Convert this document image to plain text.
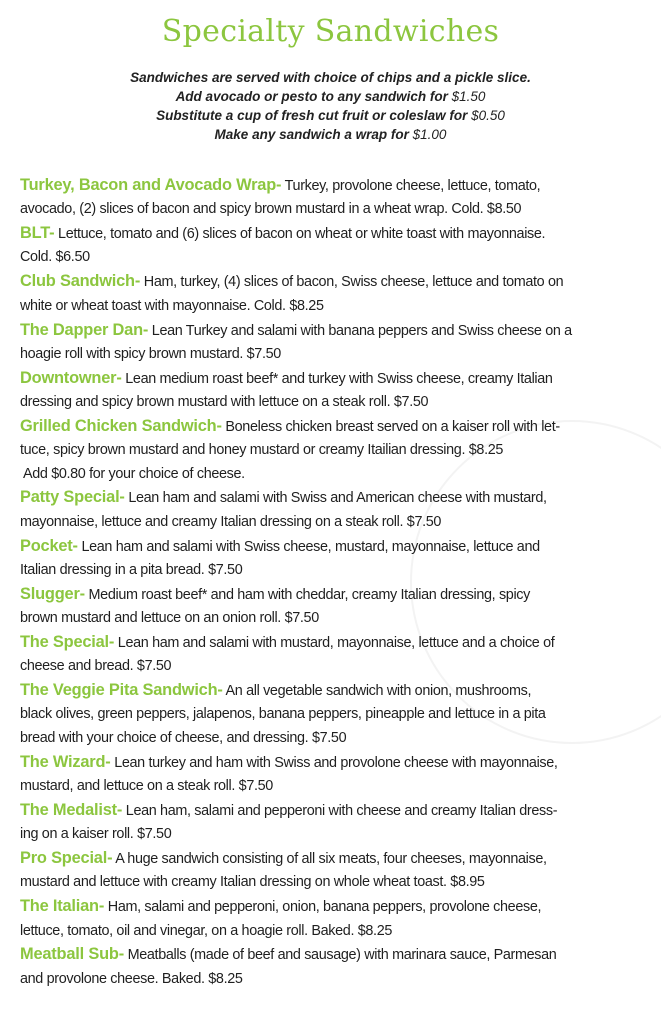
Specialty Sandwiches
Sandwiches are served with choice of chips and a pickle slice.
Add avocado or pesto to any sandwich for $1.50
Substitute a cup of fresh cut fruit or coleslaw for $0.50
Make any sandwich a wrap for $1.00
Turkey, Bacon and Avocado Wrap- Turkey, provolone cheese, lettuce, tomato,
avocado, (2) slices of bacon and spicy brown mustard in a wheat wrap. Cold. $8.50
BLT- Lettuce, tomato and (6) slices of bacon on wheat or white toast with mayonnaise.
Cold. $6.50
Club Sandwich- Ham, turkey, (4) slices of bacon, Swiss cheese, lettuce and tomato on
white or wheat toast with mayonnaise. Cold. $8.25
The Dapper Dan- Lean Turkey and salami with banana peppers and Swiss cheese on a
hoagie roll with spicy brown mustard. $7.50
Downtowner- Lean medium roast beef* and turkey with Swiss cheese, creamy Italian
dressing and spicy brown mustard with lettuce on a steak roll. $7.50
Grilled Chicken Sandwich- Boneless chicken breast served on a kaiser roll with let-
tuce, spicy brown mustard and honey mustard or creamy Itailian dressing. $8.25
Add $0.80 for your choice of cheese.
Patty Special- Lean ham and salami with Swiss and American cheese with mustard,
mayonnaise, lettuce and creamy Italian dressing on a steak roll. $7.50
Pocket- Lean ham and salami with Swiss cheese, mustard, mayonnaise, lettuce and
Italian dressing in a pita bread. $7.50
Slugger- Medium roast beef* and ham with cheddar, creamy Italian dressing, spicy
brown mustard and lettuce on an onion roll. $7.50
The Special- Lean ham and salami with mustard, mayonnaise, lettuce and a choice of
cheese and bread. $7.50
The Veggie Pita Sandwich- An all vegetable sandwich with onion, mushrooms,
black olives, green peppers, jalapenos, banana peppers, pineapple and lettuce in a pita
bread with your choice of cheese, and dressing. $7.50
The Wizard- Lean turkey and ham with Swiss and provolone cheese with mayonnaise,
mustard, and lettuce on a steak roll. $7.50
The Medalist- Lean ham, salami and pepperoni with cheese and creamy Italian dress-
ing on a kaiser roll. $7.50
Pro Special- A huge sandwich consisting of all six meats, four cheeses, mayonnaise,
mustard and lettuce with creamy Italian dressing on whole wheat toast. $8.95
The Italian- Ham, salami and pepperoni, onion, banana peppers, provolone cheese,
lettuce, tomato, oil and vinegar, on a hoagie roll. Baked. $8.25
Meatball Sub- Meatballs (made of beef and sausage) with marinara sauce, Parmesan
and provolone cheese. Baked. $8.25
